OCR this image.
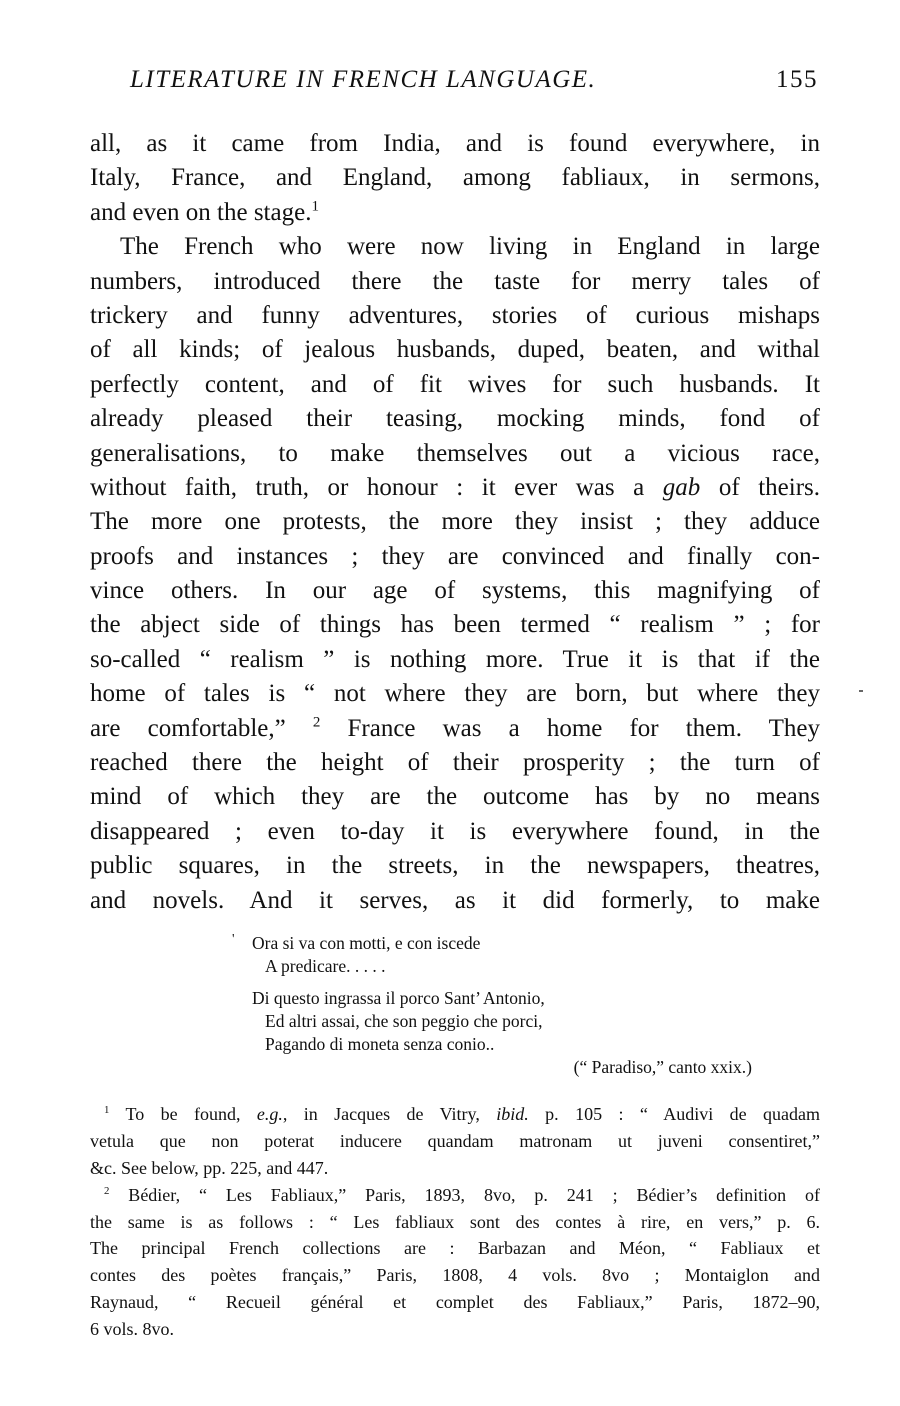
LITERATURE IN FRENCH LANGUAGE.	155
all, as it came from India, and is found everywhere, in
Italy, France, and England, among fabliaux, in sermons,
and even on the stage.$^1$
The French who were now living in England in large
numbers, introduced there the taste for merry tales of
trickery and funny adventures, stories of curious mishaps
of all kinds; of jealous husbands, duped, beaten, and withal
perfectly content, and of fit wives for such husbands. It
already pleased their teasing, mocking minds, fond of
generalisations, to make themselves out a vicious race,
without faith, truth, or honour : it ever was a gab of theirs.
The more one protests, the more they insist ; they adduce
proofs and instances ; they are convinced and finally con-
vince others. In our age of systems, this magnifying of
the abject side of things has been termed “ realism ” ; for
so-called “ realism ” is nothing more. True it is that if the
home of tales is “ not where they are born, but where they
are comfortable,” $^2$ France was a home for them. They
reached there the height of their prosperity ; the turn of
mind of which they are the outcome has by no means
disappeared ; even to-day it is everywhere found, in the
public squares, in the streets, in the newspapers, theatres,
and novels. And it serves, as it did formerly, to make
' Ora si va con motti, e con iscede
A predicare. . . . .
Di questo ingrassa il porco Sant’ Antonio,
Ed altri assai, che son peggio che porci,
Pagando di moneta senza conio..
(“ Paradiso,” canto xxix.)
$^1$ To be found, e.g., in Jacques de Vitry, ibid. p. 105 : “ Audivi de quadam
vetula que non poterat inducere quandam matronam ut juveni consentiret,”
&c. See below, pp. 225, and 447.
$^2$ Bédier, “ Les Fabliaux,” Paris, 1893, 8vo, p. 241 ; Bédier’s definition of
the same is as follows : “ Les fabliaux sont des contes à rire, en vers,” p. 6.
The principal French collections are : Barbazan and Méon, “ Fabliaux et
contes des poètes français,” Paris, 1808, 4 vols. 8vo ; Montaiglon and
Raynaud, “ Recueil général et complet des Fabliaux,” Paris, 1872–90,
6 vols. 8vo.
